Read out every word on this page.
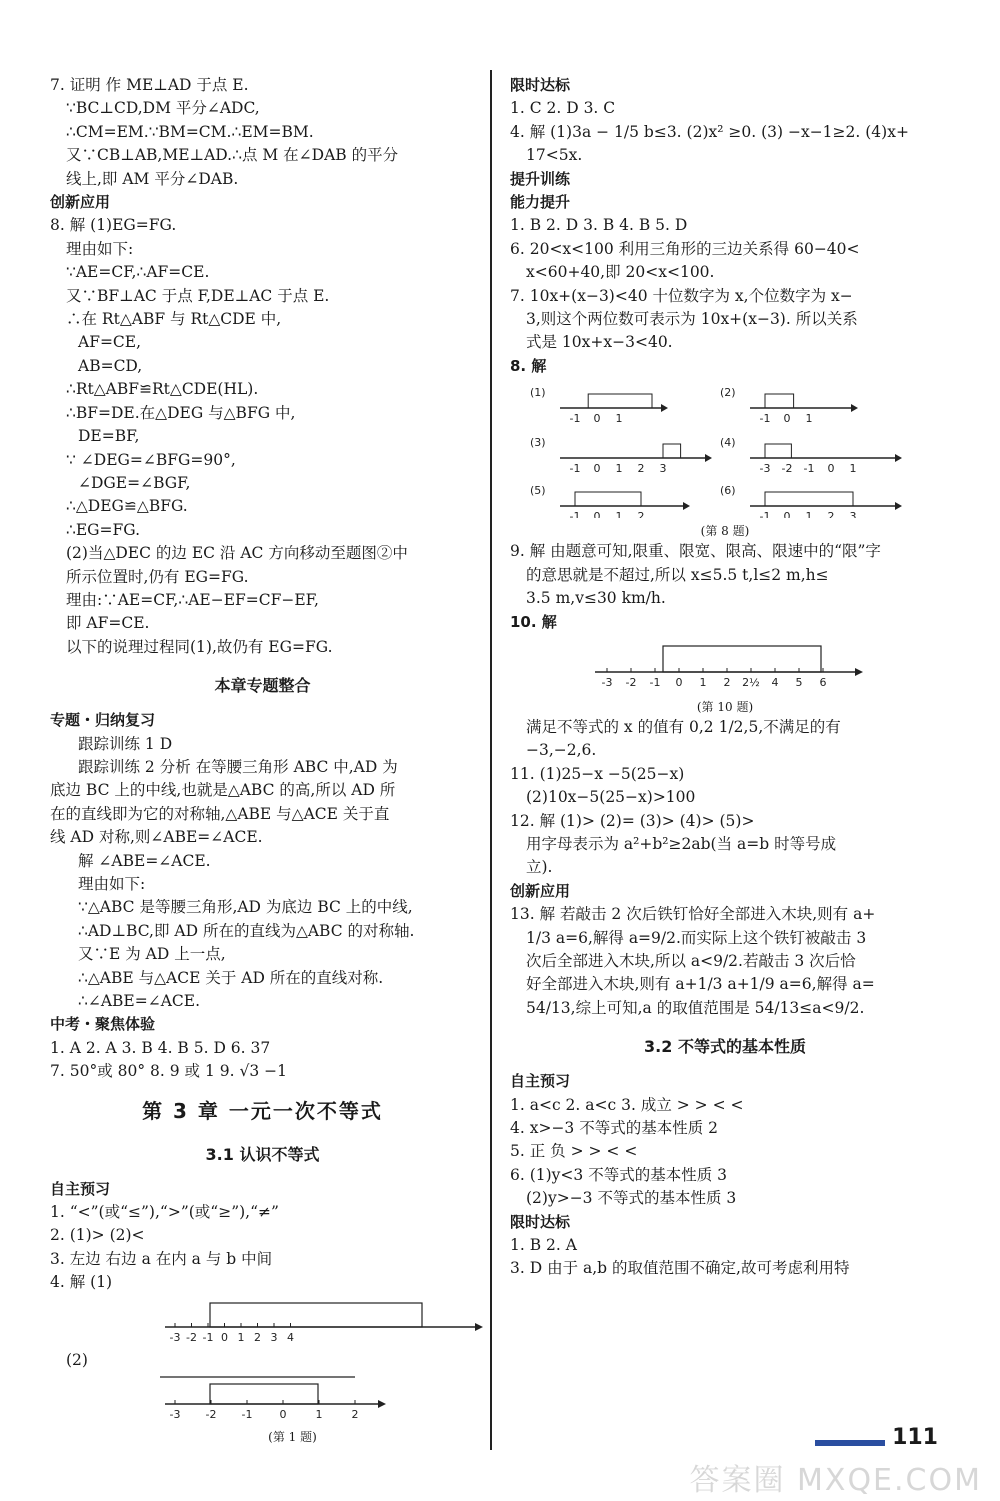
7. 证明 作 ME⊥AD 于点 E.
∵BC⊥CD,DM 平分∠ADC,
∴CM=EM.∵BM=CM.∴EM=BM.
又∵CB⊥AB,ME⊥AD.∴点 M 在∠DAB 的平分
线上,即 AM 平分∠DAB.
创新应用
8. 解 (1)EG=FG.
理由如下:
∵AE=CF,∴AF=CE.
又∵BF⊥AC 于点 F,DE⊥AC 于点 E.
∴在 Rt△ABF 与 Rt△CDE 中,
AF=CE,
AB=CD,
∴Rt△ABF≌Rt△CDE(HL).
∴BF=DE.在△DEG 与△BFG 中,
DE=BF,
∵ ∠DEG=∠BFG=90°,
∠DGE=∠BGF,
∴△DEG≌△BFG.
∴EG=FG.
(2)当△DEC 的边 EC 沿 AC 方向移动至题图②中
所示位置时,仍有 EG=FG.
理由:∵AE=CF,∴AE−EF=CF−EF,
即 AF=CE.
以下的说理过程同(1),故仍有 EG=FG.
本章专题整合
专题・归纳复习
跟踪训练 1 D
跟踪训练 2 分析 在等腰三角形 ABC 中,AD 为
底边 BC 上的中线,也就是△ABC 的高,所以 AD 所
在的直线即为它的对称轴,△ABE 与△ACE 关于直
线 AD 对称,则∠ABE=∠ACE.
解 ∠ABE=∠ACE.
理由如下:
∵△ABC 是等腰三角形,AD 为底边 BC 上的中线,
∴AD⊥BC,即 AD 所在的直线为△ABC 的对称轴.
又∵E 为 AD 上一点,
∴△ABE 与△ACE 关于 AD 所在的直线对称.
∴∠ABE=∠ACE.
中考・聚焦体验
1. A 2. A 3. B 4. B 5. D 6. 37
7. 50°或 80° 8. 9 或 1 9. √3 −1
第 3 章 一元一次不等式
3.1 认识不等式
自主预习
1. “<”(或“≤”),“>”(或“≥”),“≠”
2. (1)> (2)<
3. 左边 右边 a 在内 a 与 b 中间
4. 解 (1)
-3 -2 -1 0 1 2 3 4
(2)
-3 -2 -1 0	1	2
(第 1 题)
限时达标
1. C 2. D 3. C
4. 解 (1)3a − 1/5 b≤3. (2)x² ≥0. (3) −x−1≥2. (4)x+
17<5x.
提升训练
能力提升
1. B 2. D 3. B 4. B 5. D
6. 20<x<100 利用三角形的三边关系得 60−40<
x<60+40,即 20<x<100.
7. 10x+(x−3)<40 十位数字为 x,个位数字为 x−
3,则这个两位数可表示为 10x+(x−3). 所以关系
式是 10x+x−3<40.
8. 解
(1)
-1 0 1
(2)
-1 0 1
(3)
-1 0 1 2 3
(4)
-3 -2 -1 0 1
(5)
-1 0 1 2
(6)
-1 0 1 2 3
(第 8 题)
9. 解 由题意可知,限重、限宽、限高、限速中的“限”字
的意思就是不超过,所以 x≤5.5 t,l≤2 m,h≤
3.5 m,v≤30 km/h.
10. 解
-3 -2 -1 0 1 2 2½ 4 5 6
(第 10 题)
满足不等式的 x 的值有 0,2 1/2,5,不满足的有
−3,−2,6.
11. (1)25−x −5(25−x)
(2)10x−5(25−x)>100
12. 解 (1)> (2)= (3)> (4)> (5)>
用字母表示为 a²+b²≥2ab(当 a=b 时等号成
立).
创新应用
13. 解 若敲击 2 次后铁钉恰好全部进入木块,则有 a+
1/3 a=6,解得 a=9/2.而实际上这个铁钉被敲击 3
次后全部进入木块,所以 a<9/2.若敲击 3 次后恰
好全部进入木块,则有 a+1/3 a+1/9 a=6,解得 a=
54/13,综上可知,a 的取值范围是 54/13≤a<9/2.
3.2 不等式的基本性质
自主预习
1. a<c 2. a<c 3. 成立 > > < <
4. x>−3 不等式的基本性质 2
5. 正 负 > > < <
6. (1)y<3 不等式的基本性质 3
(2)y>−3 不等式的基本性质 3
限时达标
1. B 2. A
3. D 由于 a,b 的取值范围不确定,故可考虑利用特
111
答案圈 MXQE.COM
